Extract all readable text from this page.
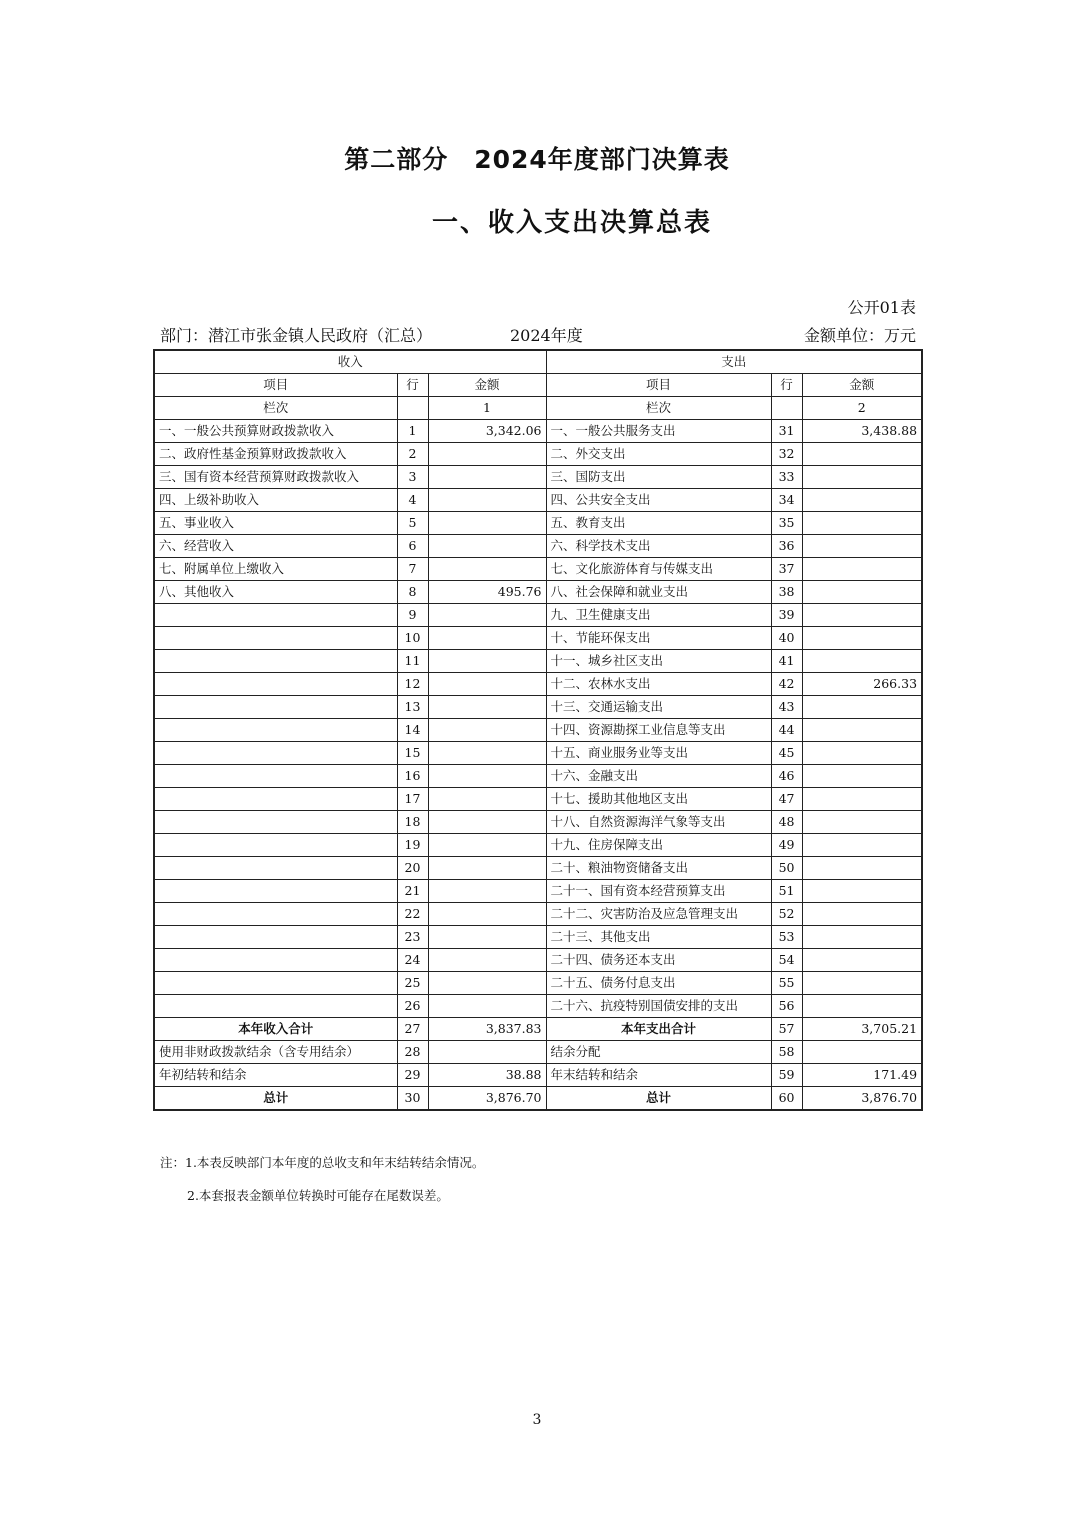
第二部分　2024年度部门决算表
一、收入支出决算总表
公开01表
部门：潜江市张金镇人民政府（汇总）	2024年度	金额单位：万元
收入			支出		
项目	行	金额	项目	行	金额
栏次		1	栏次		2
一、一般公共预算财政拨款收入	1	3,342.06	一、一般公共服务支出	31	3,438.88
二、政府性基金预算财政拨款收入	2		二、外交支出	32	
三、国有资本经营预算财政拨款收入	3		三、国防支出	33	
四、上级补助收入	4		四、公共安全支出	34	
五、事业收入	5		五、教育支出	35	
六、经营收入	6		六、科学技术支出	36	
七、附属单位上缴收入	7		七、文化旅游体育与传媒支出	37	
八、其他收入	8	495.76	八、社会保障和就业支出	38	
	9		九、卫生健康支出	39	
	10		十、节能环保支出	40	
	11		十一、城乡社区支出	41	
	12		十二、农林水支出	42	266.33
	13		十三、交通运输支出	43	
	14		十四、资源勘探工业信息等支出	44	
	15		十五、商业服务业等支出	45	
	16		十六、金融支出	46	
	17		十七、援助其他地区支出	47	
	18		十八、自然资源海洋气象等支出	48	
	19		十九、住房保障支出	49	
	20		二十、粮油物资储备支出	50	
	21		二十一、国有资本经营预算支出	51	
	22		二十二、灾害防治及应急管理支出	52	
	23		二十三、其他支出	53	
	24		二十四、债务还本支出	54	
	25		二十五、债务付息支出	55	
	26		二十六、抗疫特别国债安排的支出	56	
本年收入合计	27	3,837.83	本年支出合计	57	3,705.21
使用非财政拨款结余（含专用结余）	28		结余分配	58	
年初结转和结余	29	38.88	年末结转和结余	59	171.49
总计	30	3,876.70	总计	60	3,876.70
注：1.本表反映部门本年度的总收支和年末结转结余情况。
2.本套报表金额单位转换时可能存在尾数误差。
3
